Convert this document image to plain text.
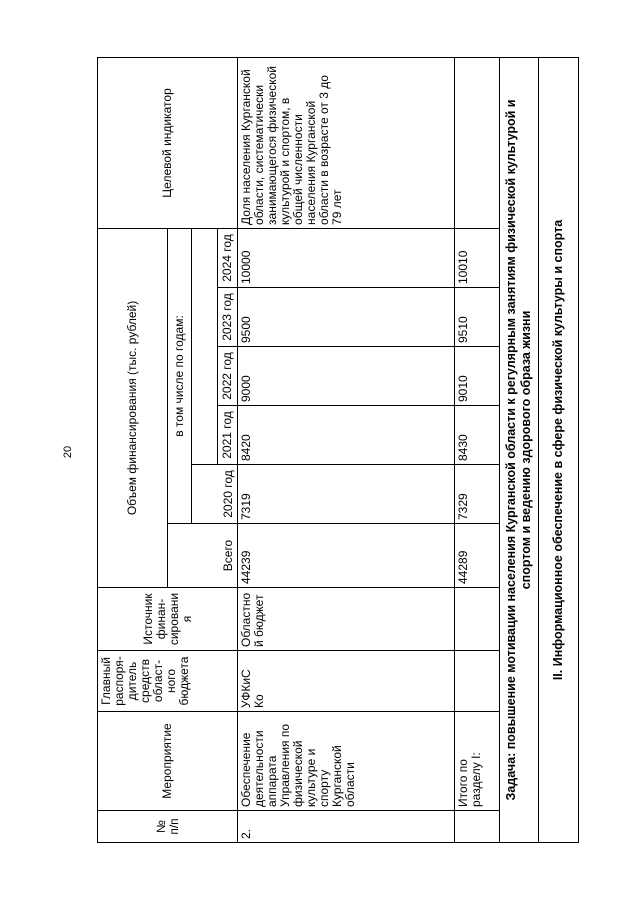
20
№ п/п	Мероприятие	Главный распоря-дитель средств област-ного бюджета	Источник финан-сирования	Объем финансирования (тыс. рублей)						Целевой индикатор
				Всего	в том числе по годам:					
					2020 год					
						2021 год	2022 год	2023 год	2024 год	
2.	Обеспечение деятельности аппарата Управления по физической культуре и спорту Курганской области	УФКиС Ко	Областной бюджет	44239	7319	8420	9000	9500	10000	Доля населения Курганской области, систематически занимающегося физической культурой и спортом, в общей численности населения Курганской области в возрасте от 3 до 79 лет
	Итого по разделу I:			44289	7329	8430	9010	9510	10010	
Задача: повышение мотивации населения Курганской области к регулярным занятиям физической культурой и спортом и ведению здорового образа жизни										
II. Информационное обеспечение в сфере физической культуры и спорта										
